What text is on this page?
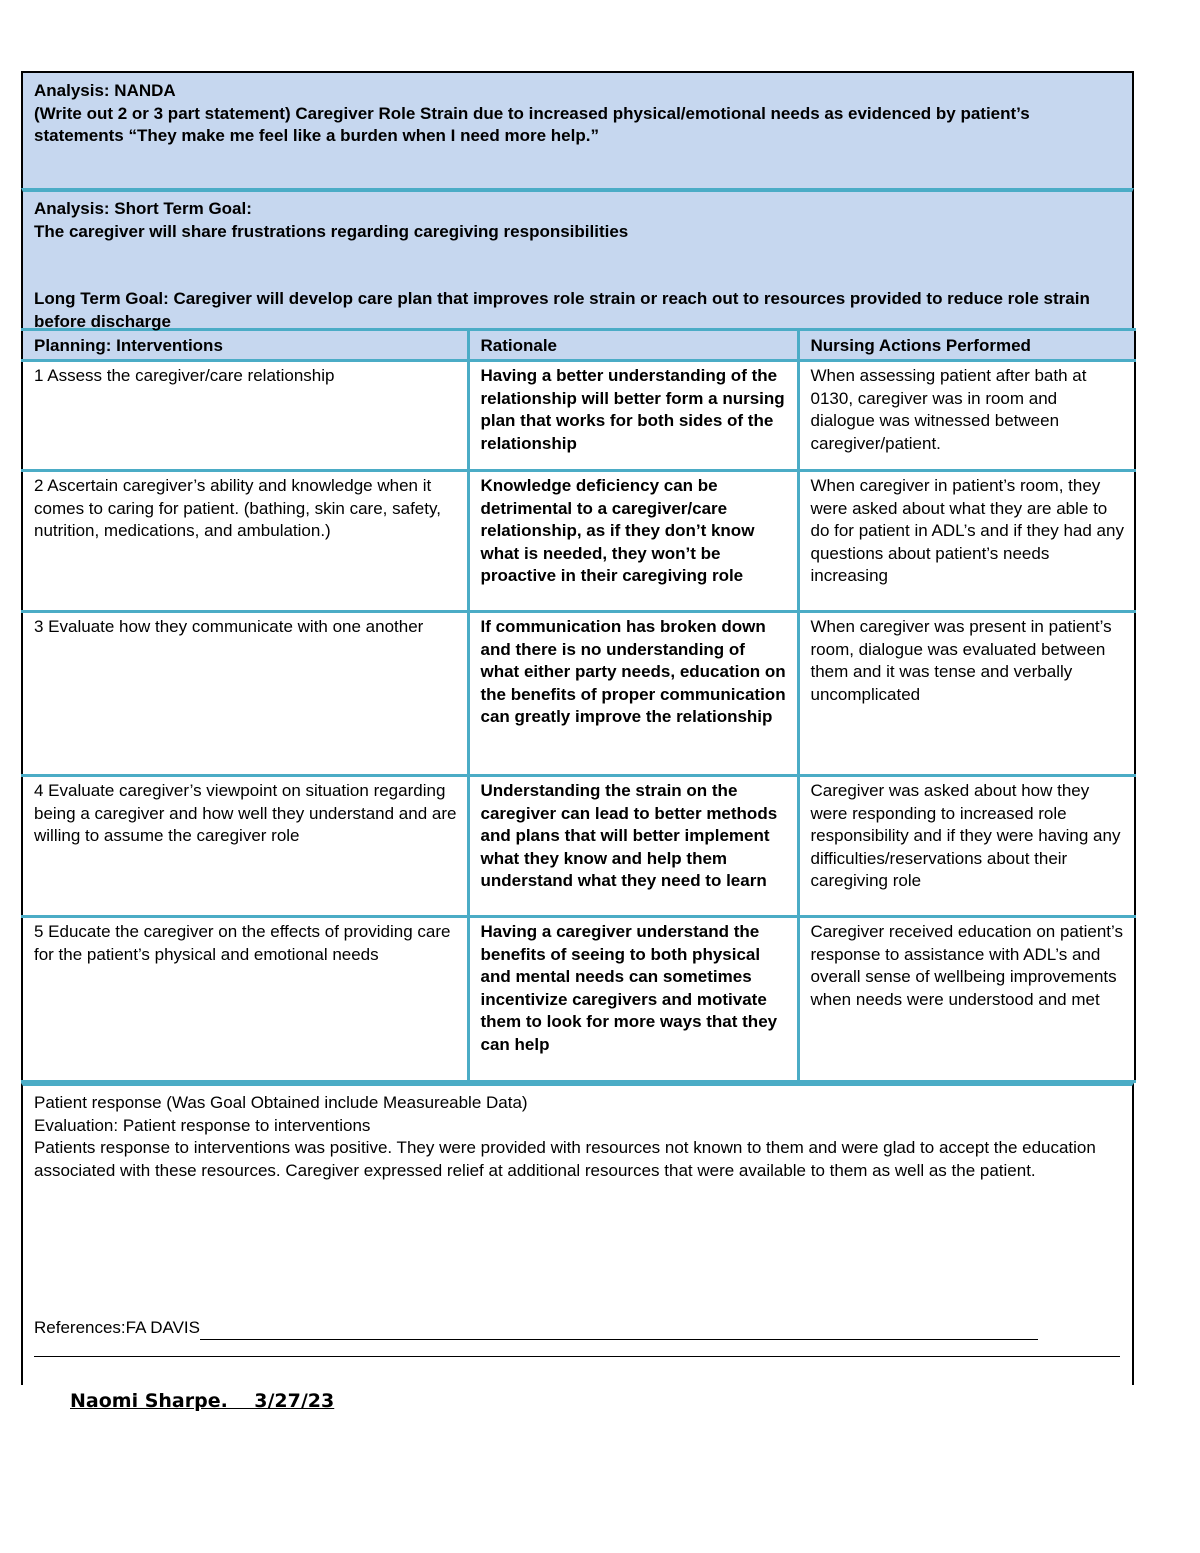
Analysis: NANDA
(Write out 2 or 3 part statement) Caregiver Role Strain due to increased physical/emotional needs as evidenced by patient’s statements “They make me feel like a burden when I need more help.”
Analysis: Short Term Goal:
The caregiver will share frustrations regarding caregiving responsibilities
Long Term Goal: Caregiver will develop care plan that improves role strain or reach out to resources provided to reduce role strain before discharge
Planning: Interventions	Rationale	Nursing Actions Performed
1 Assess the caregiver/care relationship	Having a better understanding of the relationship will better form a nursing plan that works for both sides of the relationship	When assessing patient after bath at 0130, caregiver was in room and dialogue was witnessed between caregiver/patient.
2 Ascertain caregiver’s ability and knowledge when it comes to caring for patient. (bathing, skin care, safety, nutrition, medications, and ambulation.)	Knowledge deficiency can be detrimental to a caregiver/care relationship, as if they don’t know what is needed, they won’t be proactive in their caregiving role	When caregiver in patient’s room, they were asked about what they are able to do for patient in ADL’s and if they had any questions about patient’s needs increasing
3 Evaluate how they communicate with one another	If communication has broken down and there is no understanding of what either party needs, education on the benefits of proper communication can greatly improve the relationship	When caregiver was present in patient’s room, dialogue was evaluated between them and it was tense and verbally uncomplicated
4 Evaluate caregiver’s viewpoint on situation regarding being a caregiver and how well they understand and are willing to assume the caregiver role	Understanding the strain on the caregiver can lead to better methods and plans that will better implement what they know and help them understand what they need to learn	Caregiver was asked about how they were responding to increased role responsibility and if they were having any difficulties/reservations about their caregiving role
5 Educate the caregiver on the effects of providing care for the patient’s physical and emotional needs	Having a caregiver understand the benefits of seeing to both physical and mental needs can sometimes incentivize caregivers and motivate them to look for more ways that they can help	Caregiver received education on patient’s response to assistance with ADL’s and overall sense of wellbeing improvements when needs were understood and met
Patient response (Was Goal Obtained include Measureable Data)
Evaluation: Patient response to interventions
Patients response to interventions was positive. They were provided with resources not known to them and were glad to accept the education associated with these resources. Caregiver expressed relief at additional resources that were available to them as well as the patient.
References:FA DAVIS
Naomi Sharpe.    3/27/23
